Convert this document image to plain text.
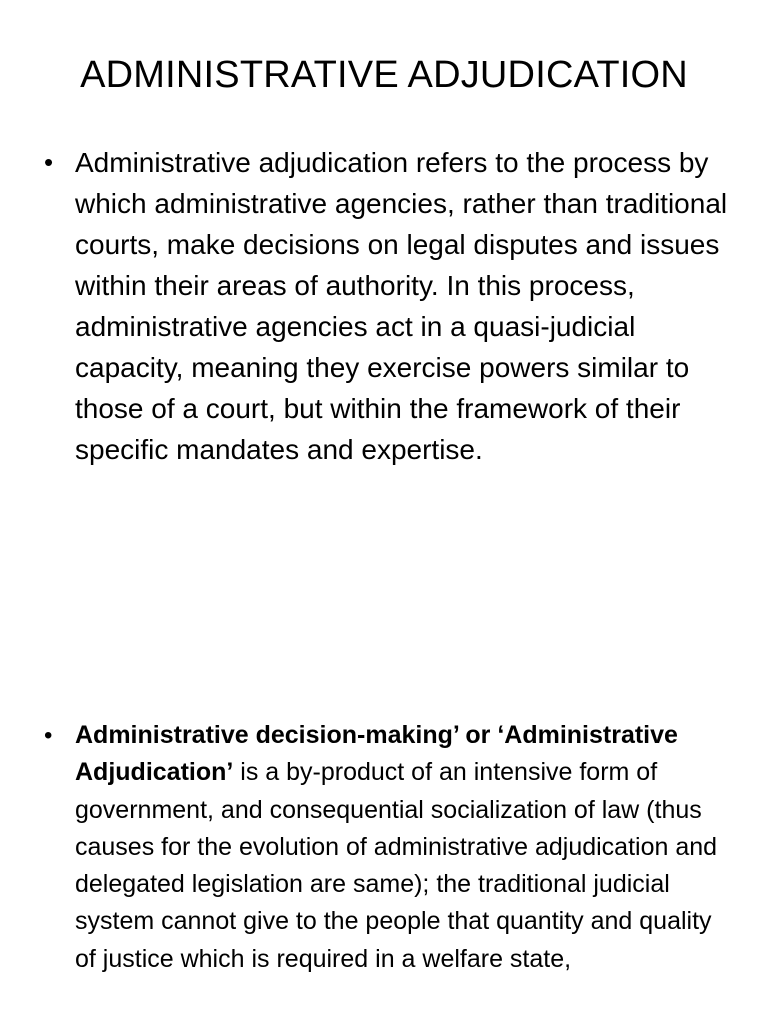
ADMINISTRATIVE ADJUDICATION
• Administrative adjudication refers to the process by which administrative agencies, rather than traditional courts, make decisions on legal disputes and issues within their areas of authority. In this process, administrative agencies act in a quasi-judicial capacity, meaning they exercise powers similar to those of a court, but within the framework of their specific mandates and expertise.
• Administrative decision-making’ or ‘Administrative Adjudication’ is a by-product of an intensive form of government, and consequential socialization of law (thus causes for the evolution of administrative adjudication and delegated legislation are same); the traditional judicial system cannot give to the people that quantity and quality of justice which is required in a welfare state,
